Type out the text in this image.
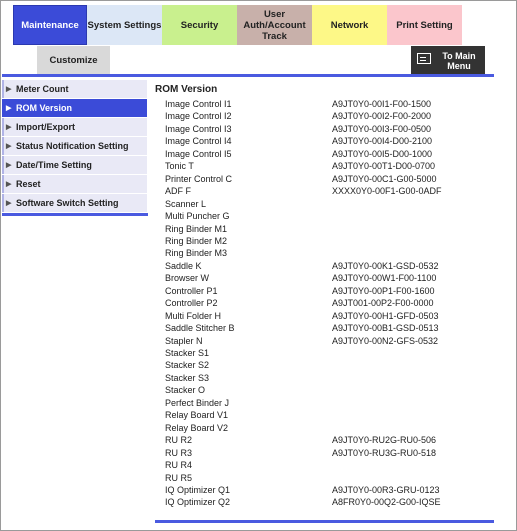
Maintenance System Settings Security
User
Auth/Account
Track
Network	Print Setting
Customize	To Main
Menu
▶ Meter Count
▶ ROM Version
▶ Import/Export
▶ Status Notification Setting
▶ Date/Time Setting
▶ Reset
▶ Software Switch Setting
ROM Version
Image Control I1	A9JT0Y0-00I1-F00-1500
Image Control I2	A9JT0Y0-00I2-F00-2000
Image Control I3	A9JT0Y0-00I3-F00-0500
Image Control I4	A9JT0Y0-00I4-D00-2100
Image Control I5	A9JT0Y0-00I5-D00-1000
Tonic T	A9JT0Y0-00T1-D00-0700
Printer Control C	A9JT0Y0-00C1-G00-5000
ADF F	XXXX0Y0-00F1-G00-0ADF
Scanner L
Multi Puncher G
Ring Binder M1
Ring Binder M2
Ring Binder M3
Saddle K	A9JT0Y0-00K1-GSD-0532
Browser W	A9JT0Y0-00W1-F00-1100
Controller P1	A9JT0Y0-00P1-F00-1600
Controller P2	A9JT001-00P2-F00-0000
Multi Folder H	A9JT0Y0-00H1-GFD-0503
Saddle Stitcher B	A9JT0Y0-00B1-GSD-0513
Stapler N	A9JT0Y0-00N2-GFS-0532
Stacker S1
Stacker S2
Stacker S3
Stacker O
Perfect Binder J
Relay Board V1
Relay Board V2
RU R2	A9JT0Y0-RU2G-RU0-506
RU R3	A9JT0Y0-RU3G-RU0-518
RU R4
RU R5
IQ Optimizer Q1	A9JT0Y0-00R3-GRU-0123
IQ Optimizer Q2	A8FR0Y0-00Q2-G00-IQSE
